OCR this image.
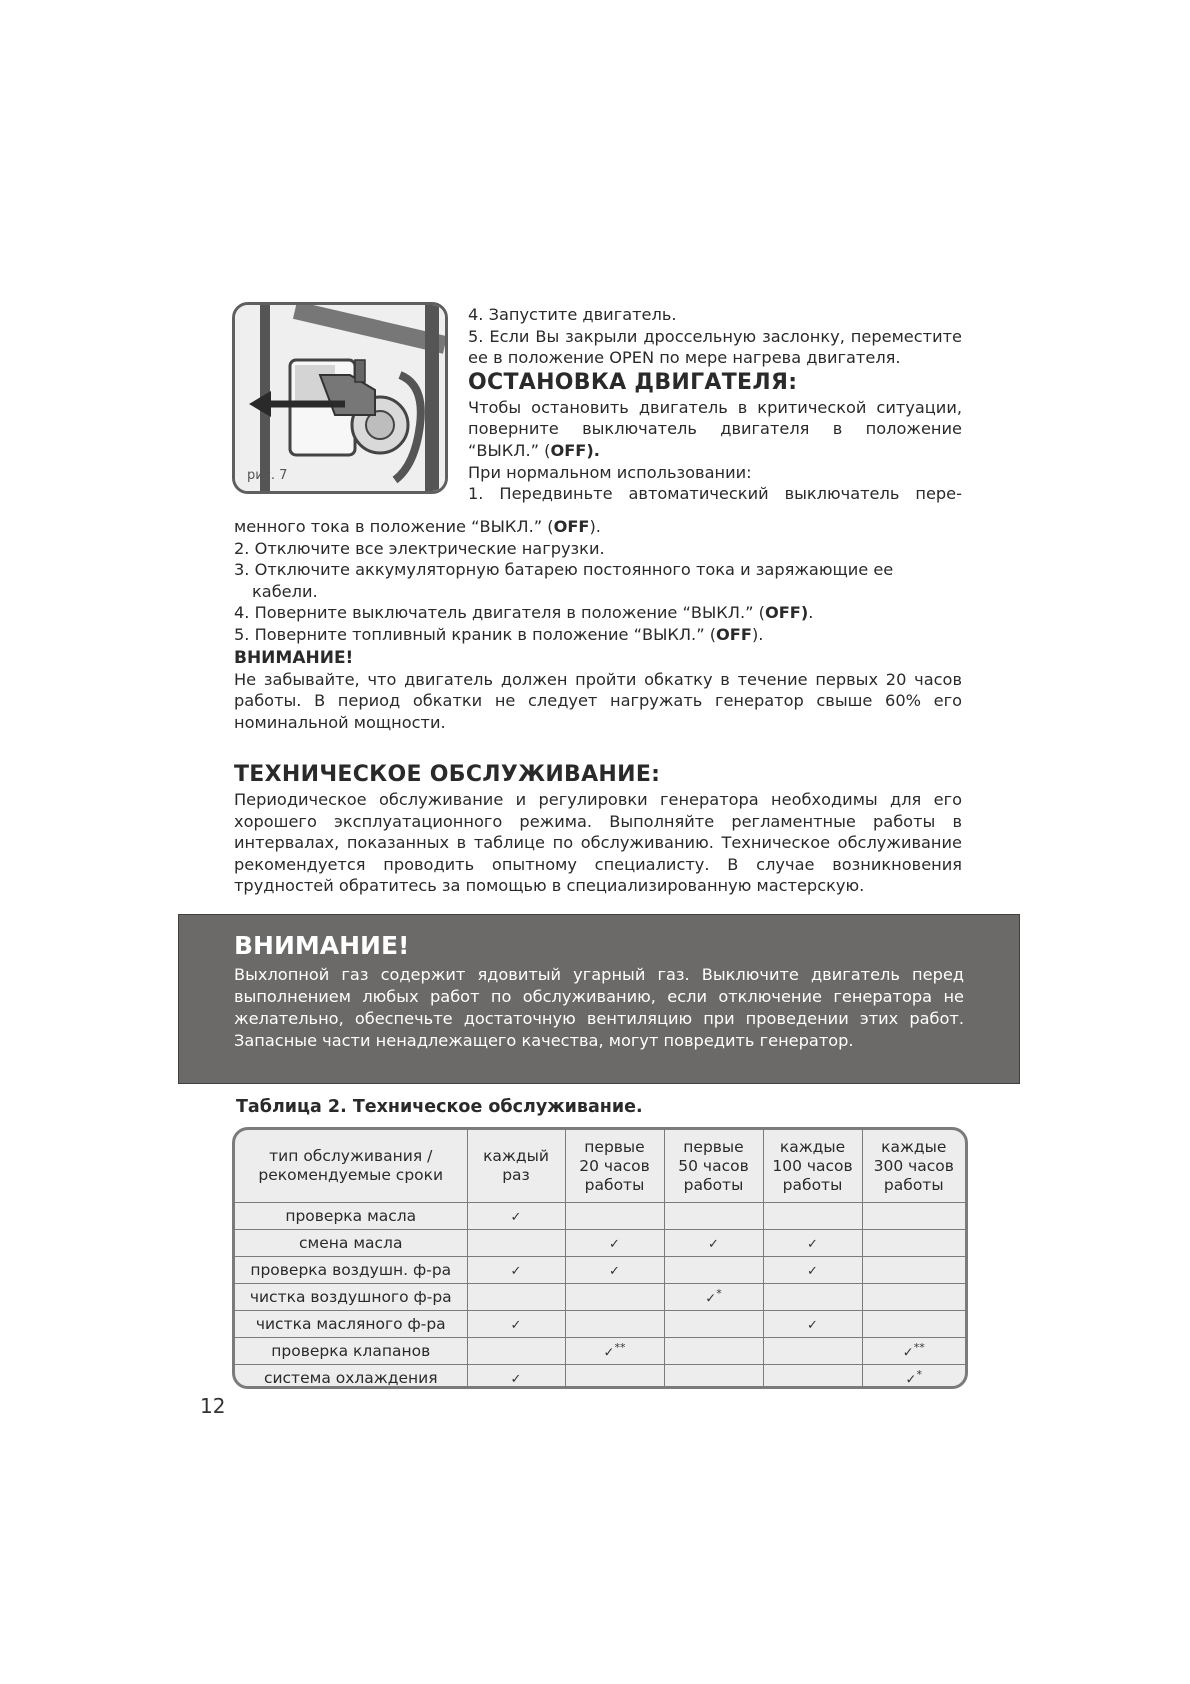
рис. 7

4. Запустите двигатель.

5. Если Вы закрыли дроссельную заслонку, переместите ее в положение OPEN по мере нагрева двигателя.

ОСТАНОВКА ДВИГАТЕЛЯ:

Чтобы остановить двигатель в критической ситуации, поверните выключатель двигателя в положение “ВЫКЛ.” (OFF).

При нормальном использовании:

1. Передвиньте автоматический выключатель пере-

менного тока в положение “ВЫКЛ.” (OFF).

2. Отключите все электрические нагрузки.

3. Отключите аккумуляторную батарею постоянного тока и заряжающие ее кабели.

4. Поверните выключатель двигателя в положение “ВЫКЛ.” (OFF).

5. Поверните топливный краник в положение “ВЫКЛ.” (OFF).

ВНИМАНИЕ!

Не забывайте, что двигатель должен пройти обкатку в течение первых 20 часов работы. В период обкатки не следует нагружать генератор свыше 60% его номинальной мощности.

ТЕХНИЧЕСКОЕ ОБСЛУЖИВАНИЕ:

Периодическое обслуживание и регулировки генератора необходимы для его хорошего эксплуатационного режима. Выполняйте регламентные работы в интервалах, показанных в таблице по обслуживанию. Техническое обслуживание рекомендуется проводить опытному специалисту. В случае возникновения трудностей обратитесь за помощью в специализированную мастерскую.

ВНИМАНИЕ!

Выхлопной газ содержит ядовитый угарный газ. Выключите двигатель перед выполнением любых работ по обслуживанию, если отключение генератора не желательно, обеспечьте достаточную вентиляцию при проведении этих работ. Запасные части ненадлежащего качества, могут повредить генератор.

Таблица 2. Техническое обслуживание.

тип обслуживания / рекомендуемые сроки	каждый раз	первые 20 часов работы	первые 50 часов работы	каждые 100 часов работы	каждые 300 часов работы
проверка масла	✓				
смена масла		✓	✓	✓	
проверка воздушн. ф-ра	✓	✓		✓	
чистка воздушного ф-ра			✓*		
чистка масляного ф-ра	✓			✓	
проверка клапанов		✓**			✓**
система охлаждения	✓				✓*

12
